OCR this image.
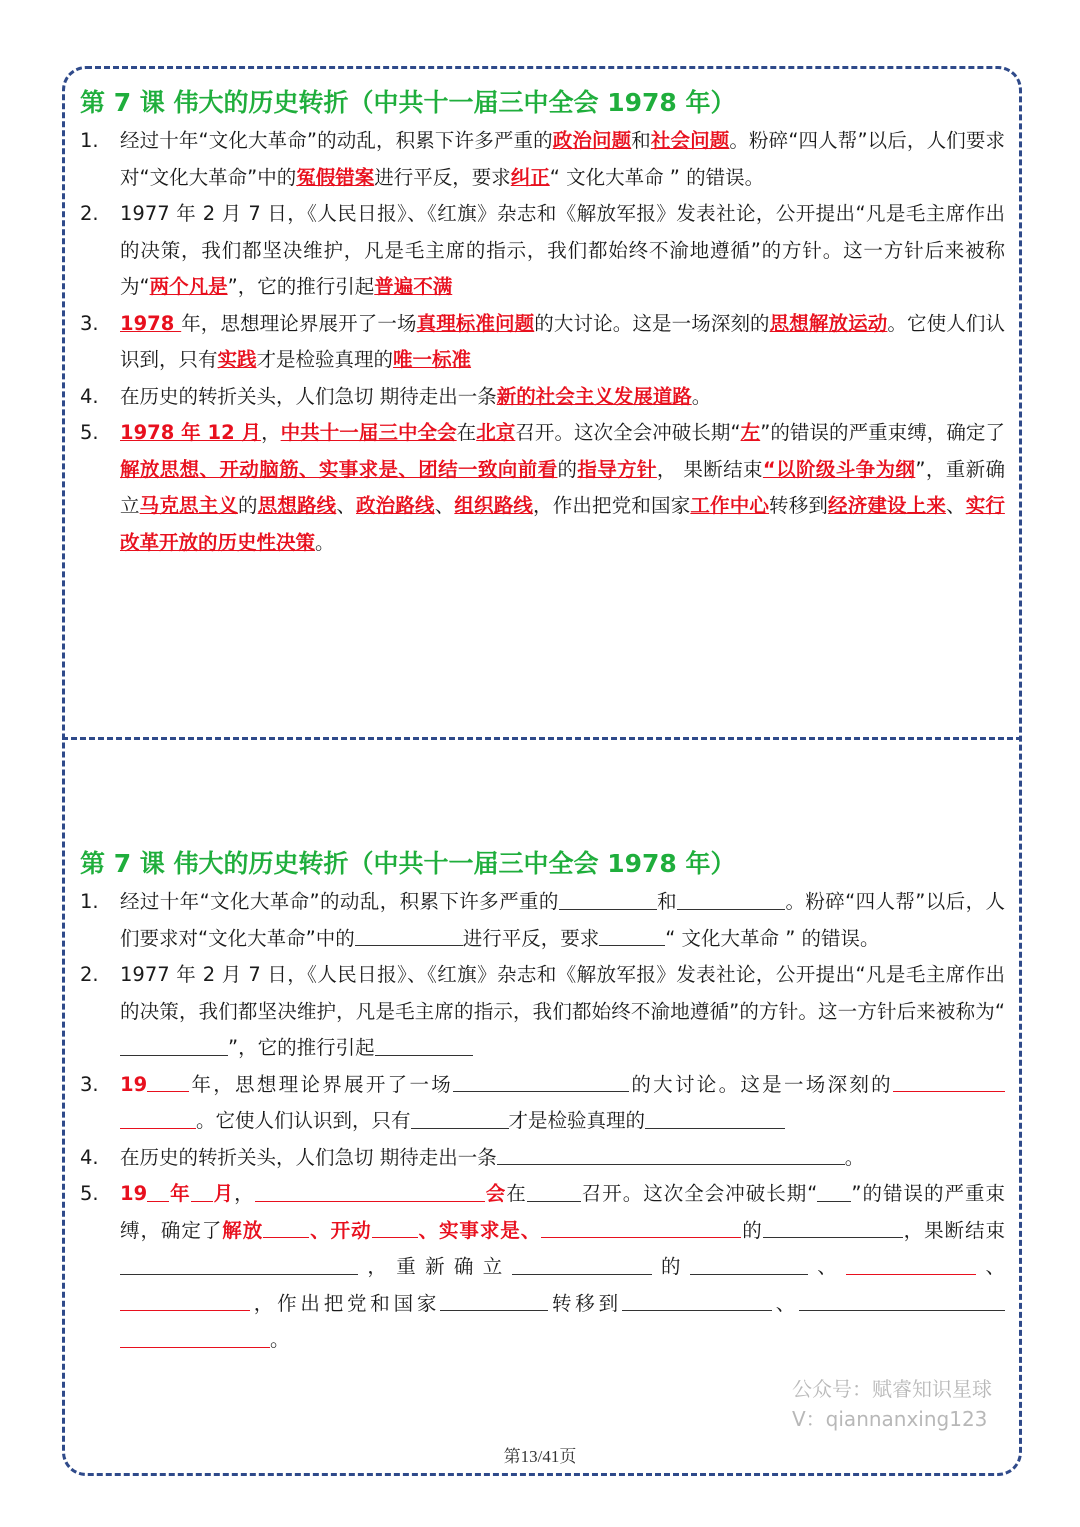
第 7 课 伟大的历史转折（中共十一届三中全会 1978 年）
1.	经过十年“文化大革命”的动乱，积累下许多严重的政治问题和社会问题。粉碎“四人帮”以后，人们要求对“文化大革命”中的冤假错案进行平反，要求纠正“ 文化大革命 ” 的错误。
2.	1977 年 2 月 7 日，《人民日报》、《红旗》杂志和《解放军报》发表社论，公开提出“凡是毛主席作出的决策，我们都坚决维护，凡是毛主席的指示，我们都始终不渝地遵循”的方针。这一方针后来被称为“两个凡是”，它的推行引起普遍不满
3.	1978 年，思想理论界展开了一场真理标准问题的大讨论。这是一场深刻的思想解放运动。它使人们认识到，只有实践才是检验真理的唯一标准
4.	在历史的转折关头，人们急切 期待走出一条新的社会主义发展道路。
5.	1978 年 12 月，中共十一届三中全会在北京召开。这次全会冲破长期“左”的错误的严重束缚，确定了解放思想、开动脑筋、实事求是、团结一致向前看的指导方针， 果断结束“以阶级斗争为纲”，重新确立马克思主义的思想路线、政治路线、组织路线，作出把党和国家工作中心转移到经济建设上来、实行改革开放的历史性决策。
第 7 课 伟大的历史转折（中共十一届三中全会 1978 年）
1.	经过十年“文化大革命”的动乱，积累下许多严重的	和	。粉碎“四人帮”以后，人们要求对“文化大革命”中的	进行平反，要求	“ 文化大革命 ” 的错误。
2.	1977 年 2 月 7 日，《人民日报》、《红旗》杂志和《解放军报》发表社论，公开提出“凡是毛主席作出的决策，我们都坚决维护，凡是毛主席的指示，我们都始终不渝地遵循”的方针。这一方针后来被称为“”，它的推行引起
3.	19 年，思想理论界展开了一场	的大讨论。这是一场深刻的。它使人们认识到，只有	才是检验真理的
4.	在历史的转折关头，人们急切 期待走出一条	。
5.	19 年 月，	会在	召开。这次全会冲破长期“ ”的错误的严重束缚，确定了解放 、开动 、实事求是、	的	，果断结束，重新确立	的	、	、，作出把党和国家	转移到	、。
公众号：赋睿知识星球
V：qiannanxing123
第13/41页
